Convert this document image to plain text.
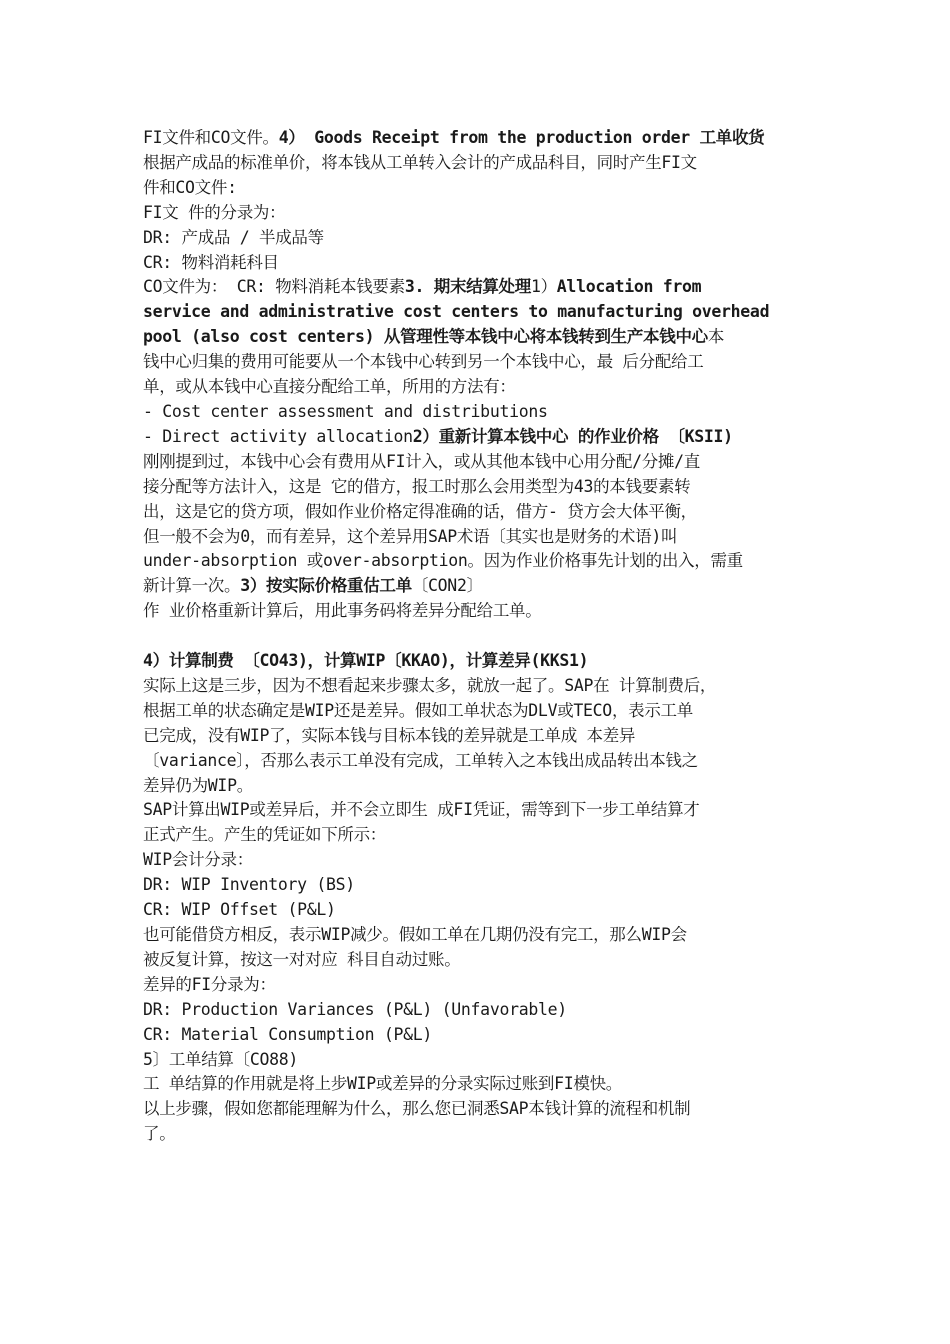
FI文件和CO文件。4） Goods Receipt from the production order 工单收货
根据产成品的标准单价，将本钱从工单转入会计的产成品科目，同时产生FI文
件和CO文件:
FI文 件的分录为：
DR: 产成品 / 半成品等
CR: 物料消耗科目
CO文件为： CR: 物料消耗本钱要素3. 期末结算处理1）Allocation from
service and administrative cost centers to manufacturing overhead
pool (also cost centers) 从管理性等本钱中心将本钱转到生产本钱中心本
钱中心归集的费用可能要从一个本钱中心转到另一个本钱中心，最 后分配给工
单，或从本钱中心直接分配给工单，所用的方法有：
- Cost center assessment and distributions
- Direct activity allocation2）重新计算本钱中心 的作业价格 〔KSII)
刚刚提到过，本钱中心会有费用从FI计入，或从其他本钱中心用分配/分摊/直
接分配等方法计入，这是 它的借方，报工时那么会用类型为43的本钱要素转
出，这是它的贷方项，假如作业价格定得准确的话，借方- 贷方会大体平衡，
但一般不会为0，而有差异，这个差异用SAP术语〔其实也是财务的术语)叫
under-absorption 或over-absorption。因为作业价格事先计划的出入，需重
新计算一次。3）按实际价格重估工单〔CON2〕
作 业价格重新计算后，用此事务码将差异分配给工单。
4）计算制费 〔CO43)，计算WIP〔KKAO)，计算差异(KKS1)
实际上这是三步，因为不想看起来步骤太多，就放一起了。SAP在 计算制费后，
根据工单的状态确定是WIP还是差异。假如工单状态为DLV或TECO，表示工单
已完成，没有WIP了，实际本钱与目标本钱的差异就是工单成 本差异
〔variance〕，否那么表示工单没有完成，工单转入之本钱出成品转出本钱之
差异仍为WIP。
SAP计算出WIP或差异后，并不会立即生 成FI凭证，需等到下一步工单结算才
正式产生。产生的凭证如下所示：
WIP会计分录：
DR: WIP Inventory (BS)
CR: WIP Offset (P&L)
也可能借贷方相反，表示WIP减少。假如工单在几期仍没有完工，那么WIP会
被反复计算，按这一对对应 科目自动过账。
差异的FI分录为：
DR: Production Variances (P&L) (Unfavorable)
CR: Material Consumption (P&L)
5〕工单结算〔CO88)
工 单结算的作用就是将上步WIP或差异的分录实际过账到FI模快。
以上步骤，假如您都能理解为什么，那么您已洞悉SAP本钱计算的流程和机制
了。
